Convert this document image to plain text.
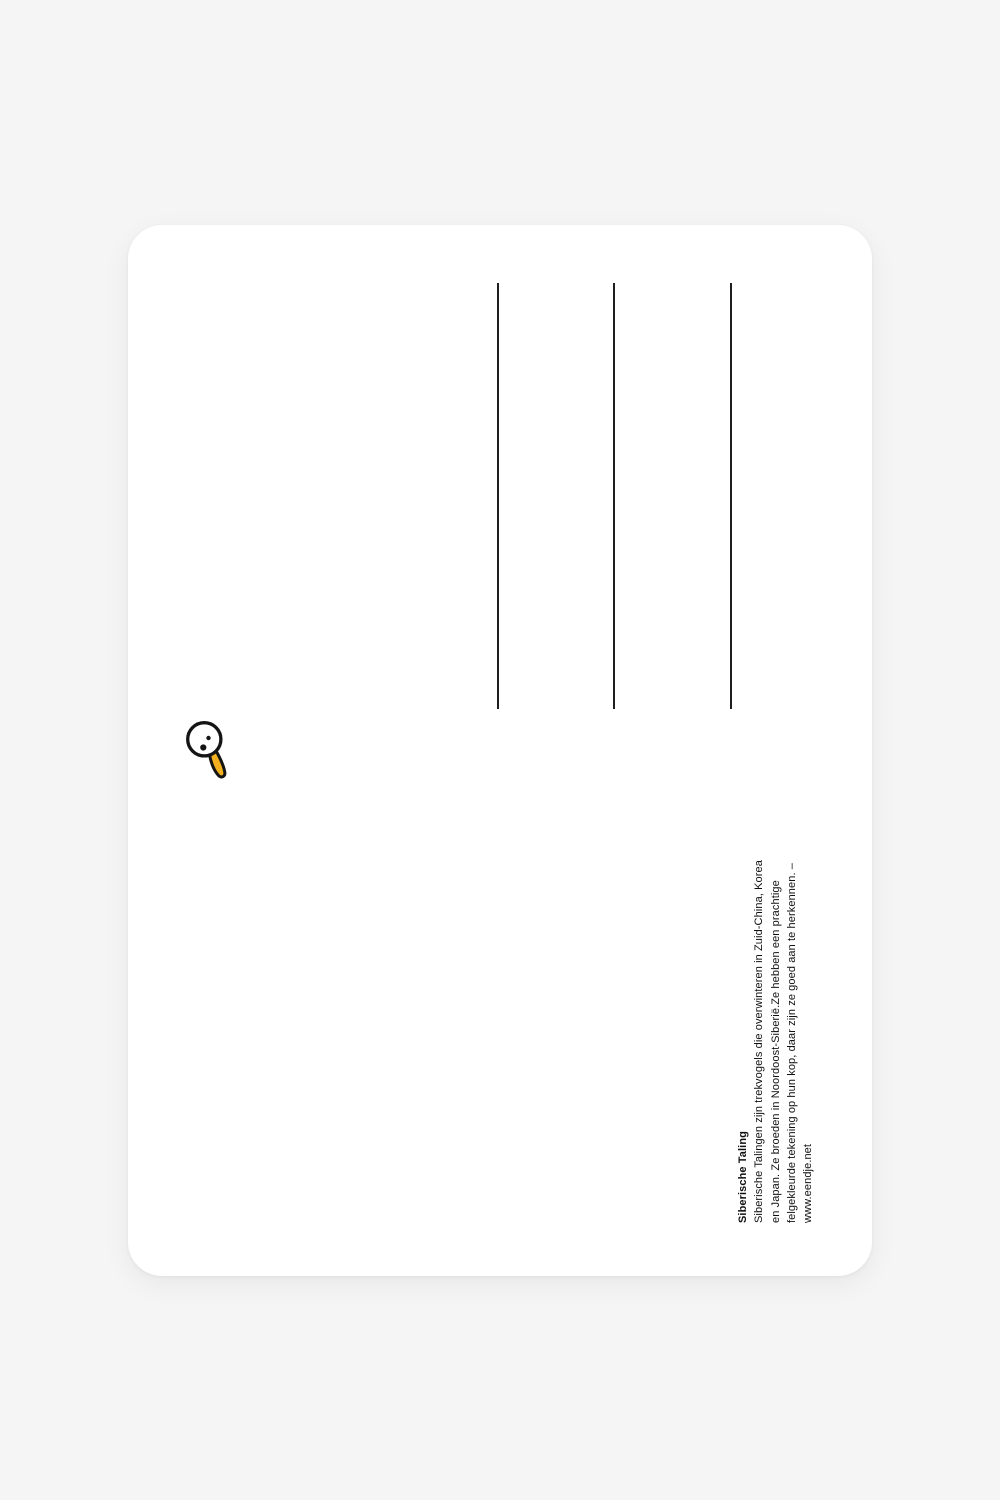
Siberische Taling Siberische Talingen zijn trekvogels die overwinteren in Zuid-China, Korea en Japan. Ze broeden in Noordoost-Siberië.Ze hebben een prachtige felgekleurde tekening op hun kop, daar zijn ze goed aan te herkennen. – www.eendje.net
